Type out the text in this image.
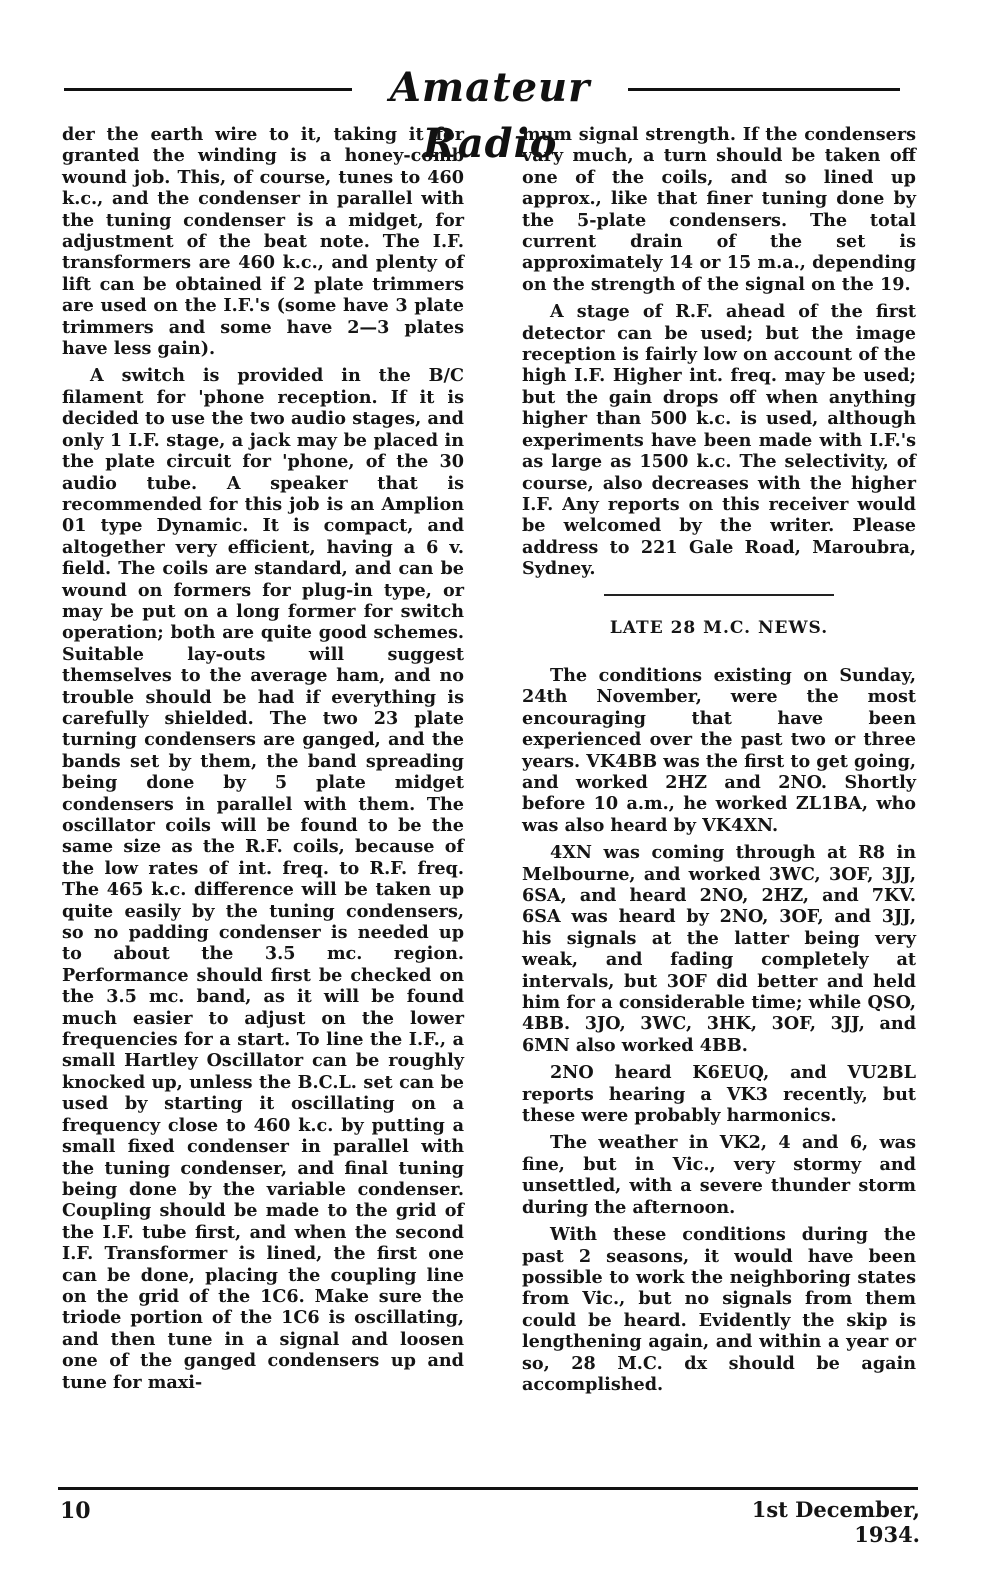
Amateur Radio

der the earth wire to it, taking it for granted the winding is a honey-comb wound job. This, of course, tunes to 460 k.c., and the condenser in parallel with the tuning condenser is a midget, for adjustment of the beat note. The I.F. transformers are 460 k.c., and plenty of lift can be obtained if 2 plate trimmers are used on the I.F.'s (some have 3 plate trimmers and some have 2—3 plates have less gain).

A switch is provided in the B/C filament for 'phone reception. If it is decided to use the two audio stages, and only 1 I.F. stage, a jack may be placed in the plate circuit for 'phone, of the 30 audio tube. A speaker that is recommended for this job is an Amplion 01 type Dynamic. It is compact, and altogether very efficient, having a 6 v. field. The coils are standard, and can be wound on formers for plug-in type, or may be put on a long former for switch operation; both are quite good schemes. Suitable lay-outs will suggest themselves to the average ham, and no trouble should be had if everything is carefully shielded. The two 23 plate turning condensers are ganged, and the bands set by them, the band spreading being done by 5 plate midget condensers in parallel with them. The oscillator coils will be found to be the same size as the R.F. coils, because of the low rates of int. freq. to R.F. freq. The 465 k.c. difference will be taken up quite easily by the tuning condensers, so no padding condenser is needed up to about the 3.5 mc. region. Performance should first be checked on the 3.5 mc. band, as it will be found much easier to adjust on the lower frequencies for a start. To line the I.F., a small Hartley Oscillator can be roughly knocked up, unless the B.C.L. set can be used by starting it oscillating on a frequency close to 460 k.c. by putting a small fixed condenser in parallel with the tuning condenser, and final tuning being done by the variable condenser. Coupling should be made to the grid of the I.F. tube first, and when the second I.F. Transformer is lined, the first one can be done, placing the coupling line on the grid of the 1C6. Make sure the triode portion of the 1C6 is oscillating, and then tune in a signal and loosen one of the ganged condensers up and tune for maxi-

mum signal strength. If the condensers vary much, a turn should be taken off one of the coils, and so lined up approx., like that finer tuning done by the 5-plate condensers. The total current drain of the set is approximately 14 or 15 m.a., depending on the strength of the signal on the 19.

A stage of R.F. ahead of the first detector can be used; but the image reception is fairly low on account of the high I.F. Higher int. freq. may be used; but the gain drops off when anything higher than 500 k.c. is used, although experiments have been made with I.F.'s as large as 1500 k.c. The selectivity, of course, also decreases with the higher I.F. Any reports on this receiver would be welcomed by the writer. Please address to 221 Gale Road, Maroubra, Sydney.

LATE 28 M.C. NEWS.

The conditions existing on Sunday, 24th November, were the most encouraging that have been experienced over the past two or three years. VK4BB was the first to get going, and worked 2HZ and 2NO. Shortly before 10 a.m., he worked ZL1BA, who was also heard by VK4XN.

4XN was coming through at R8 in Melbourne, and worked 3WC, 3OF, 3JJ, 6SA, and heard 2NO, 2HZ, and 7KV. 6SA was heard by 2NO, 3OF, and 3JJ, his signals at the latter being very weak, and fading completely at intervals, but 3OF did better and held him for a considerable time; while QSO, 4BB. 3JO, 3WC, 3HK, 3OF, 3JJ, and 6MN also worked 4BB.

2NO heard K6EUQ, and VU2BL reports hearing a VK3 recently, but these were probably harmonics.

The weather in VK2, 4 and 6, was fine, but in Vic., very stormy and unsettled, with a severe thunder storm during the afternoon.

With these conditions during the past 2 seasons, it would have been possible to work the neighboring states from Vic., but no signals from them could be heard. Evidently the skip is lengthening again, and within a year or so, 28 M.C. dx should be again accomplished.

10	1st December, 1934.
